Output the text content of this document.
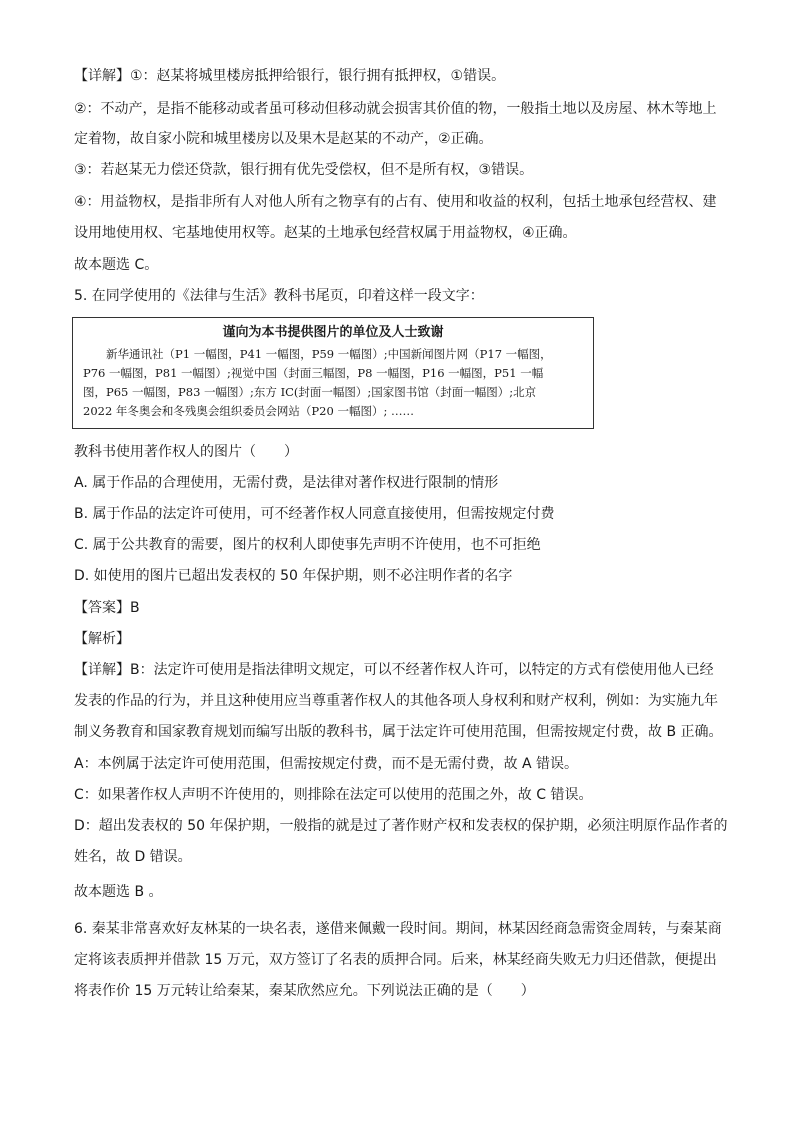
【详解】①：赵某将城里楼房抵押给银行，银行拥有抵押权，①错误。
②：不动产，是指不能移动或者虽可移动但移动就会损害其价值的物，一般指土地以及房屋、林木等地上
定着物，故自家小院和城里楼房以及果木是赵某的不动产，②正确。
③：若赵某无力偿还贷款，银行拥有优先受偿权，但不是所有权，③错误。
④：用益物权，是指非所有人对他人所有之物享有的占有、使用和收益的权利，包括土地承包经营权、建
设用地使用权、宅基地使用权等。赵某的土地承包经营权属于用益物权，④正确。
故本题选 C。
5. 在同学使用的《法律与生活》教科书尾页，印着这样一段文字：
谨向为本书提供图片的单位及人士致谢
　　新华通讯社（P1 一幅图，P41 一幅图，P59 一幅图）;中国新闻图片网（P17 一幅图，
P76 一幅图，P81 一幅图）;视觉中国（封面三幅图，P8 一幅图，P16 一幅图，P51 一幅
图，P65 一幅图，P83 一幅图）;东方 IC(封面一幅图）;国家图书馆（封面一幅图）;北京
2022 年冬奥会和冬残奥会组织委员会网站（P20 一幅图）; ……
教科书使用著作权人的图片（　　）
A. 属于作品的合理使用，无需付费，是法律对著作权进行限制的情形
B. 属于作品的法定许可使用，可不经著作权人同意直接使用，但需按规定付费
C. 属于公共教育的需要，图片的权利人即使事先声明不许使用，也不可拒绝
D. 如使用的图片已超出发表权的 50 年保护期，则不必注明作者的名字
【答案】B
【解析】
【详解】B：法定许可使用是指法律明文规定，可以不经著作权人许可，以特定的方式有偿使用他人已经
发表的作品的行为，并且这种使用应当尊重著作权人的其他各项人身权利和财产权利，例如：为实施九年
制义务教育和国家教育规划而编写出版的教科书，属于法定许可使用范围，但需按规定付费，故 B 正确。
A：本例属于法定许可使用范围，但需按规定付费，而不是无需付费，故 A 错误。
C：如果著作权人声明不许使用的，则排除在法定可以使用的范围之外，故 C 错误。
D：超出发表权的 50 年保护期，一般指的就是过了著作财产权和发表权的保护期，必须注明原作品作者的
姓名，故 D 错误。
故本题选 B 。
6. 秦某非常喜欢好友林某的一块名表，遂借来佩戴一段时间。期间，林某因经商急需资金周转，与秦某商
定将该表质押并借款 15 万元，双方签订了名表的质押合同。后来，林某经商失败无力归还借款，便提出
将表作价 15 万元转让给秦某，秦某欣然应允。下列说法正确的是（　　）
